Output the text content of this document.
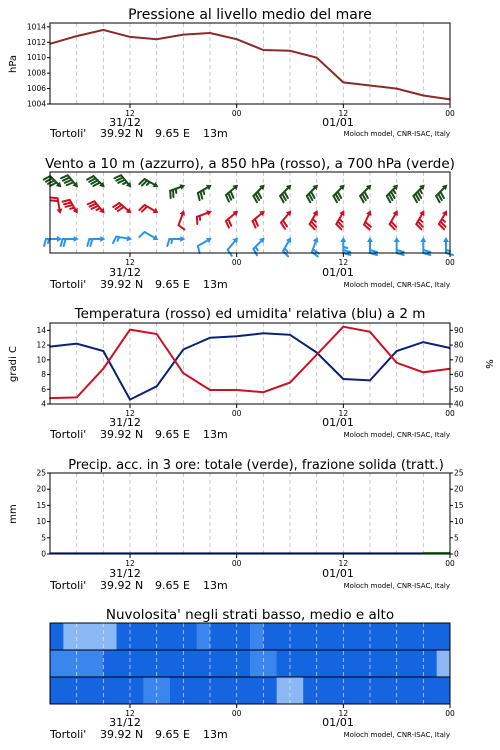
Pressione al livello medio del mare
hPa
1004
1006
1008
1010
1012
1014
12	00	12	00
31/12	01/01
Tortoli' 39.92 N 9.65 E 13m	Moloch model, CNR-ISAC, Italy
Vento a 10 m (azzurro), a 850 hPa (rosso), a 700 hPa (verde)
12	00	12	00
31/12	01/01
Tortoli' 39.92 N 9.65 E 13m	Moloch model, CNR-ISAC, Italy
Temperatura (rosso) ed umidita' relativa (blu) a 2 m
gradi C	%
4
6
8
10
12
14
40
50
60
70
80
90
12	00	12	00
31/12	01/01
Tortoli' 39.92 N 9.65 E 13m	Moloch model, CNR-ISAC, Italy
Precip. acc. in 3 ore: totale (verde), frazione solida (tratt.)
mm
0
5
10
15
20
25
0
5
10
15
20
25
12	00	12	00
31/12	01/01
Tortoli' 39.92 N 9.65 E 13m	Moloch model, CNR-ISAC, Italy
Nuvolosita' negli strati basso, medio e alto
12	00	12	00
31/12	01/01
Tortoli' 39.92 N 9.65 E 13m	Moloch model, CNR-ISAC, Italy
